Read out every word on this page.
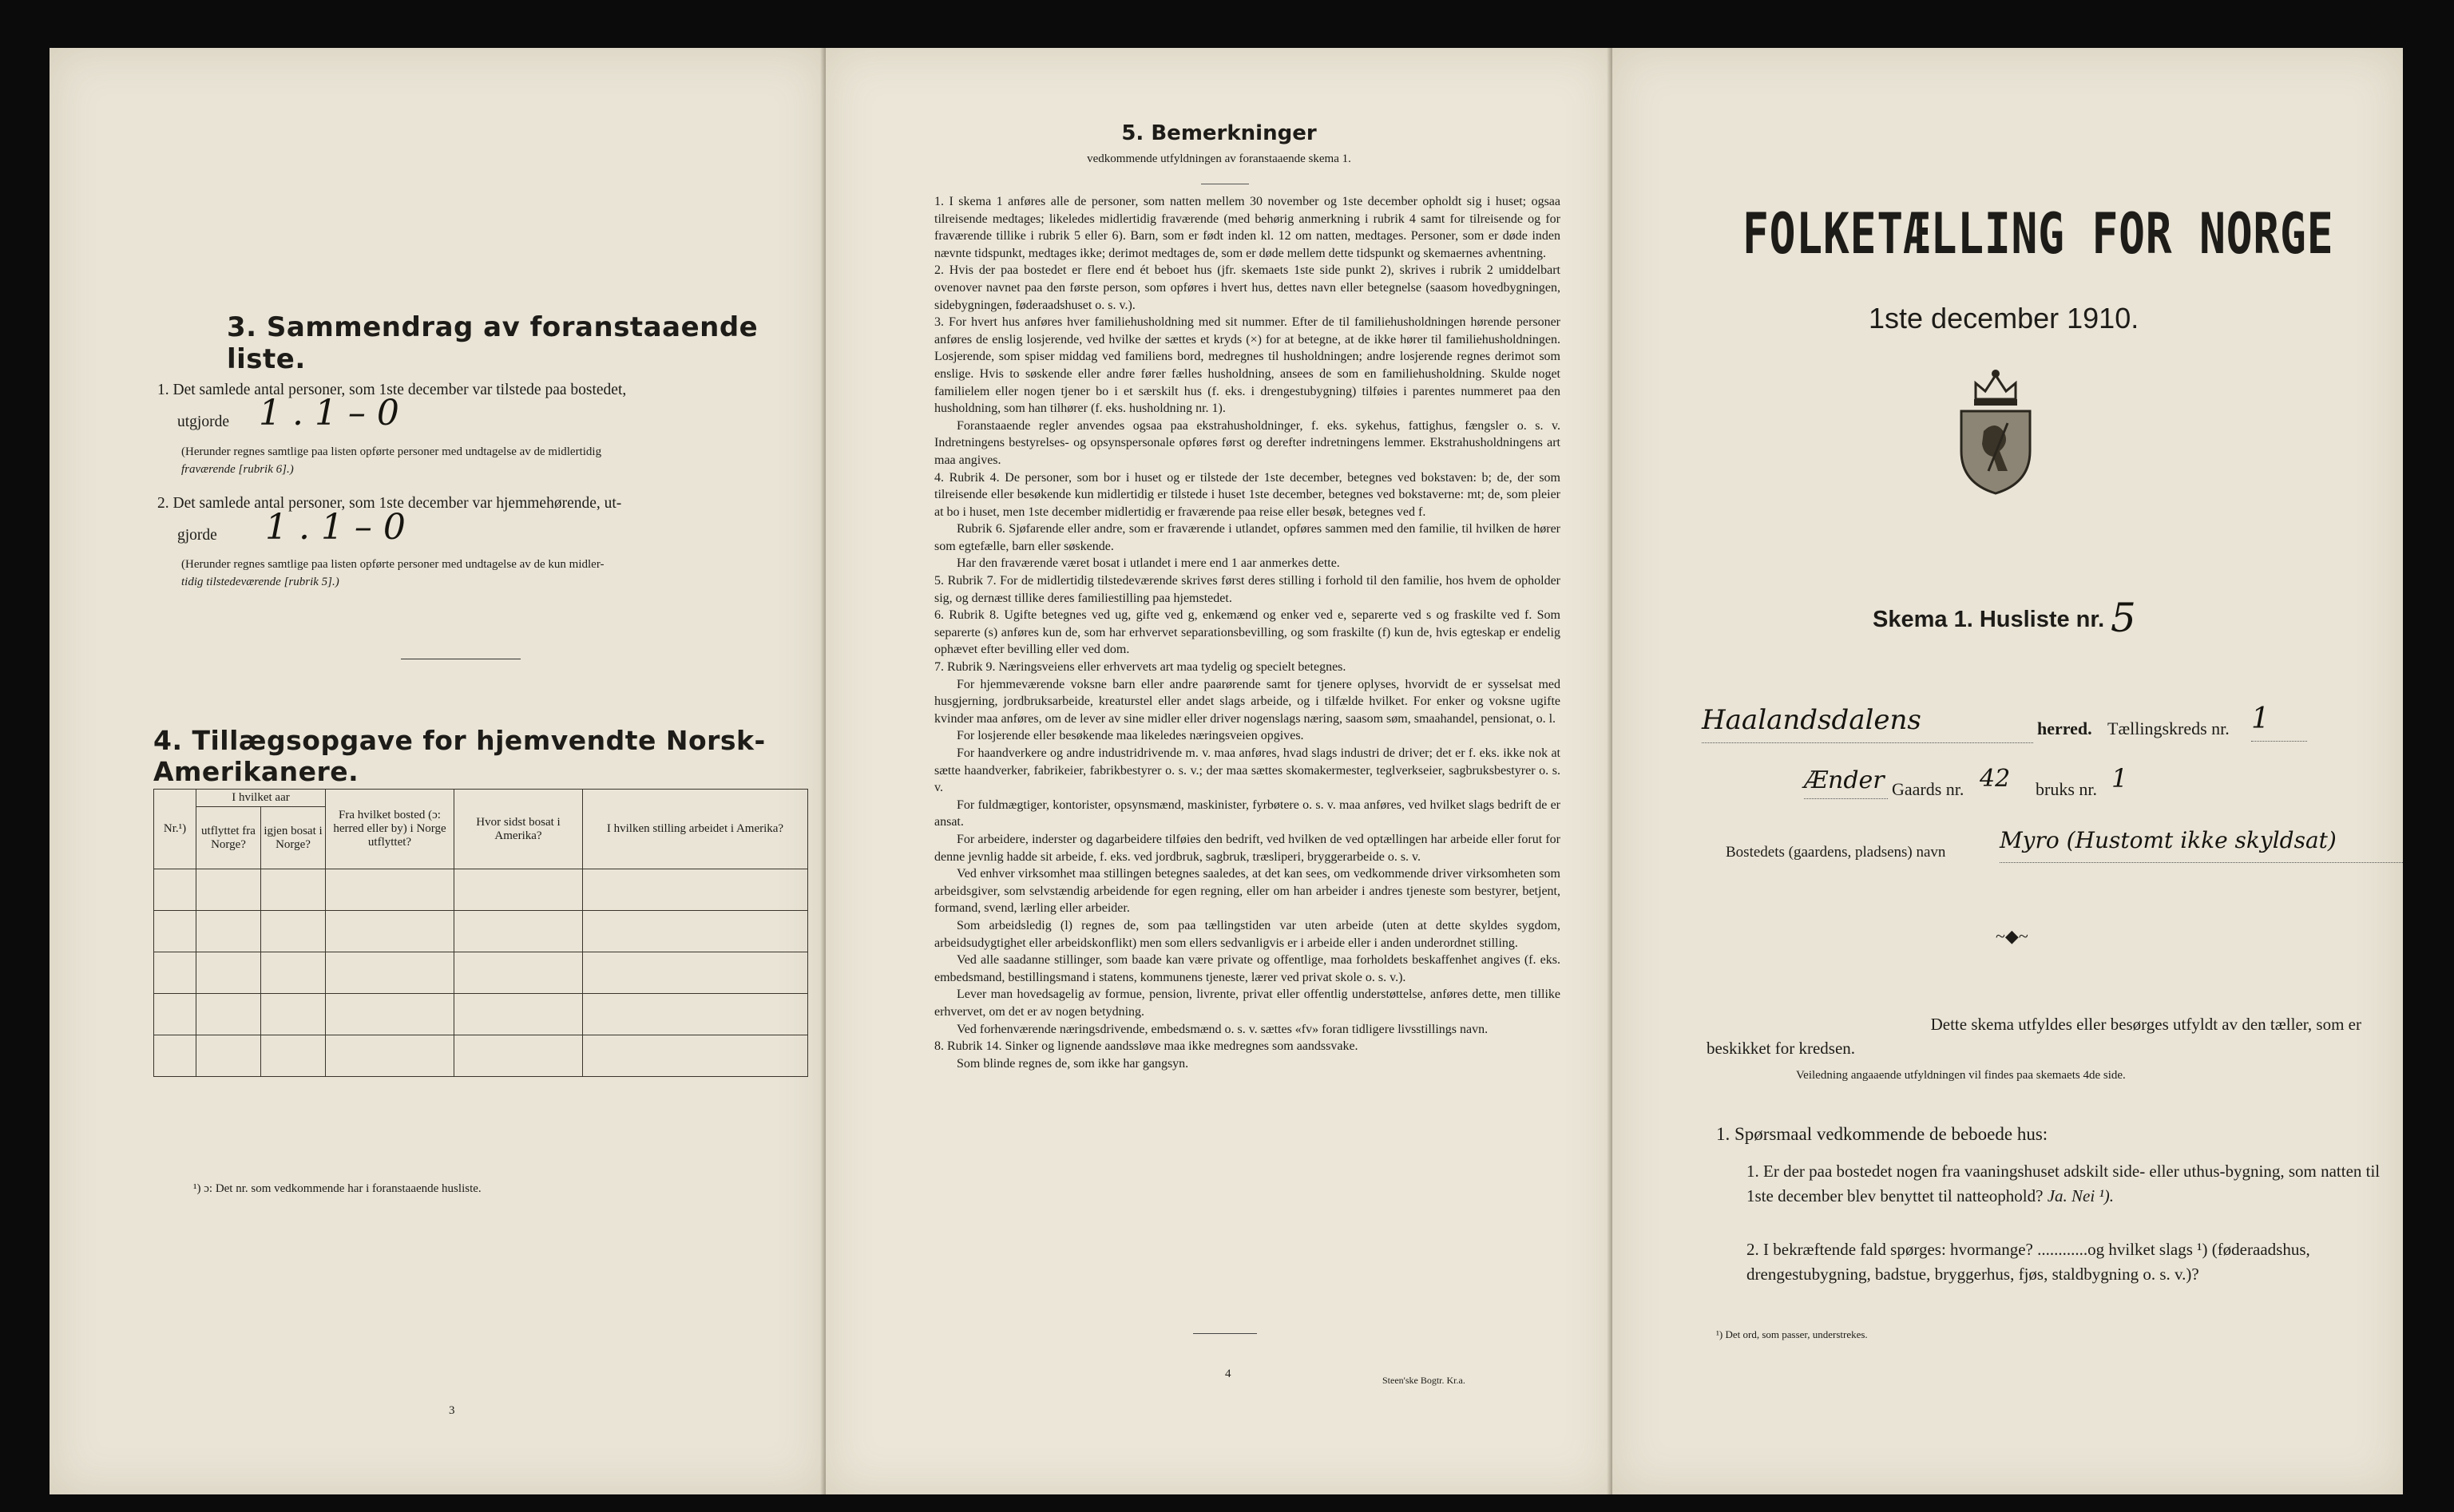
3. Sammendrag av foranstaaende liste.
1. Det samlede antal personer, som 1ste december var tilstede paa bostedet,
utgjorde 1 . 1 – 0
(Herunder regnes samtlige paa listen opførte personer med undtagelse av de midlertidig
fraværende [rubrik 6].)
2. Det samlede antal personer, som 1ste december var hjemmehørende, ut-
gjorde 1 . 1 – 0
(Herunder regnes samtlige paa listen opførte personer med undtagelse av de kun midler-
tidig tilstedeværende [rubrik 5].)
4. Tillægsopgave for hjemvendte Norsk-Amerikanere.
Nr.¹)	I hvilket aar		Fra hvilket bosted (ɔ: herred eller by) i Norge utflyttet?	Hvor sidst bosat i Amerika?	I hvilken stilling arbeidet i Amerika?
	utflyttet fra Norge?	igjen bosat i Norge?			

¹) ɔ: Det nr. som vedkommende har i foranstaaende husliste.
3
5. Bemerkninger
vedkommende utfyldningen av foranstaaende skema 1.

1. I skema 1 anføres alle de personer, som natten mellem 30 november og 1ste december opholdt sig i huset; ogsaa tilreisende medtages; likeledes midlertidig fraværende (med behørig anmerkning i rubrik 4 samt for tilreisende og for fraværende tillike i rubrik 5 eller 6). Barn, som er født inden kl. 12 om natten, medtages. Personer, som er døde inden nævnte tidspunkt, medtages ikke; derimot medtages de, som er døde mellem dette tidspunkt og skemaernes avhentning.

2. Hvis der paa bostedet er flere end ét beboet hus (jfr. skemaets 1ste side punkt 2), skrives i rubrik 2 umiddelbart ovenover navnet paa den første person, som opføres i hvert hus, dettes navn eller betegnelse (saasom hovedbygningen, sidebygningen, føderaadshuset o. s. v.).

3. For hvert hus anføres hver familiehusholdning med sit nummer. Efter de til familiehusholdningen hørende personer anføres de enslig losjerende, ved hvilke der sættes et kryds (×) for at betegne, at de ikke hører til familiehusholdningen. Losjerende, som spiser middag ved familiens bord, medregnes til husholdningen; andre losjerende regnes derimot som enslige. Hvis to søskende eller andre fører fælles husholdning, ansees de som en familiehusholdning. Skulde noget familielem eller nogen tjener bo i et særskilt hus (f. eks. i drengestubygning) tilføies i parentes nummeret paa den husholdning, som han tilhører (f. eks. husholdning nr. 1).

Foranstaaende regler anvendes ogsaa paa ekstrahusholdninger, f. eks. sykehus, fattighus, fængsler o. s. v. Indretningens bestyrelses- og opsynspersonale opføres først og derefter indretningens lemmer. Ekstrahusholdningens art maa angives.

4. Rubrik 4. De personer, som bor i huset og er tilstede der 1ste december, betegnes ved bokstaven: b; de, der som tilreisende eller besøkende kun midlertidig er tilstede i huset 1ste december, betegnes ved bokstaverne: mt; de, som pleier at bo i huset, men 1ste december midlertidig er fraværende paa reise eller besøk, betegnes ved f.

Rubrik 6. Sjøfarende eller andre, som er fraværende i utlandet, opføres sammen med den familie, til hvilken de hører som egtefælle, barn eller søskende.

Har den fraværende været bosat i utlandet i mere end 1 aar anmerkes dette.

5. Rubrik 7. For de midlertidig tilstedeværende skrives først deres stilling i forhold til den familie, hos hvem de opholder sig, og dernæst tillike deres familiestilling paa hjemstedet.

6. Rubrik 8. Ugifte betegnes ved ug, gifte ved g, enkemænd og enker ved e, separerte ved s og fraskilte ved f. Som separerte (s) anføres kun de, som har erhvervet separationsbevilling, og som fraskilte (f) kun de, hvis egteskap er endelig ophævet efter bevilling eller ved dom.

7. Rubrik 9. Næringsveiens eller erhvervets art maa tydelig og specielt betegnes.

For hjemmeværende voksne barn eller andre paarørende samt for tjenere oplyses, hvorvidt de er sysselsat med husgjerning, jordbruksarbeide, kreaturstel eller andet slags arbeide, og i tilfælde hvilket. For enker og voksne ugifte kvinder maa anføres, om de lever av sine midler eller driver nogenslags næring, saasom søm, smaahandel, pensionat, o. l.

For losjerende eller besøkende maa likeledes næringsveien opgives.

For haandverkere og andre industridrivende m. v. maa anføres, hvad slags industri de driver; det er f. eks. ikke nok at sætte haandverker, fabrikeier, fabrikbestyrer o. s. v.; der maa sættes skomakermester, teglverkseier, sagbruksbestyrer o. s. v.

For fuldmægtiger, kontorister, opsynsmænd, maskinister, fyrbøtere o. s. v. maa anføres, ved hvilket slags bedrift de er ansat.

For arbeidere, inderster og dagarbeidere tilføies den bedrift, ved hvilken de ved optællingen har arbeide eller forut for denne jevnlig hadde sit arbeide, f. eks. ved jordbruk, sagbruk, træsliperi, bryggerarbeide o. s. v.

Ved enhver virksomhet maa stillingen betegnes saaledes, at det kan sees, om vedkommende driver virksomheten som arbeidsgiver, som selvstændig arbeidende for egen regning, eller om han arbeider i andres tjeneste som bestyrer, betjent, formand, svend, lærling eller arbeider.

Som arbeidsledig (l) regnes de, som paa tællingstiden var uten arbeide (uten at dette skyldes sygdom, arbeidsudygtighet eller arbeidskonflikt) men som ellers sedvanligvis er i arbeide eller i anden underordnet stilling.

Ved alle saadanne stillinger, som baade kan være private og offentlige, maa forholdets beskaffenhet angives (f. eks. embedsmand, bestillingsmand i statens, kommunens tjeneste, lærer ved privat skole o. s. v.).

Lever man hovedsagelig av formue, pension, livrente, privat eller offentlig understøttelse, anføres dette, men tillike erhvervet, om det er av nogen betydning.

Ved forhenværende næringsdrivende, embedsmænd o. s. v. sættes «fv» foran tidligere livsstillings navn.

8. Rubrik 14. Sinker og lignende aandssløve maa ikke medregnes som aandssvake.

Som blinde regnes de, som ikke har gangsyn.

4	Steen'ske Bogtr. Kr.a.
FOLKETÆLLING FOR NORGE
1ste december 1910.
Skema 1. Husliste nr. 5
Haalandsdalens	herred. Tællingskreds nr. 1
Ænder Gaards nr. 42 bruks nr. 1
Bostedets (gaardens, pladsens) navn Myro (Hustomt ikke skyldsat)
~◆~
Dette skema utfyldes eller besørges utfyldt av den tæller, som er
beskikket for kredsen.
Veiledning angaaende utfyldningen vil findes paa skemaets 4de side.
1. Spørsmaal vedkommende de beboede hus:
1. Er der paa bostedet nogen fra vaaningshuset adskilt side- eller uthus-bygning, som natten til 1ste december blev benyttet til natteophold? Ja. Nei ¹).
2. I bekræftende fald spørges: hvormange? ............og hvilket slags ¹) (føderaadshus, drengestubygning, badstue, bryggerhus, fjøs, staldbygning o. s. v.)?
¹) Det ord, som passer, understrekes.
